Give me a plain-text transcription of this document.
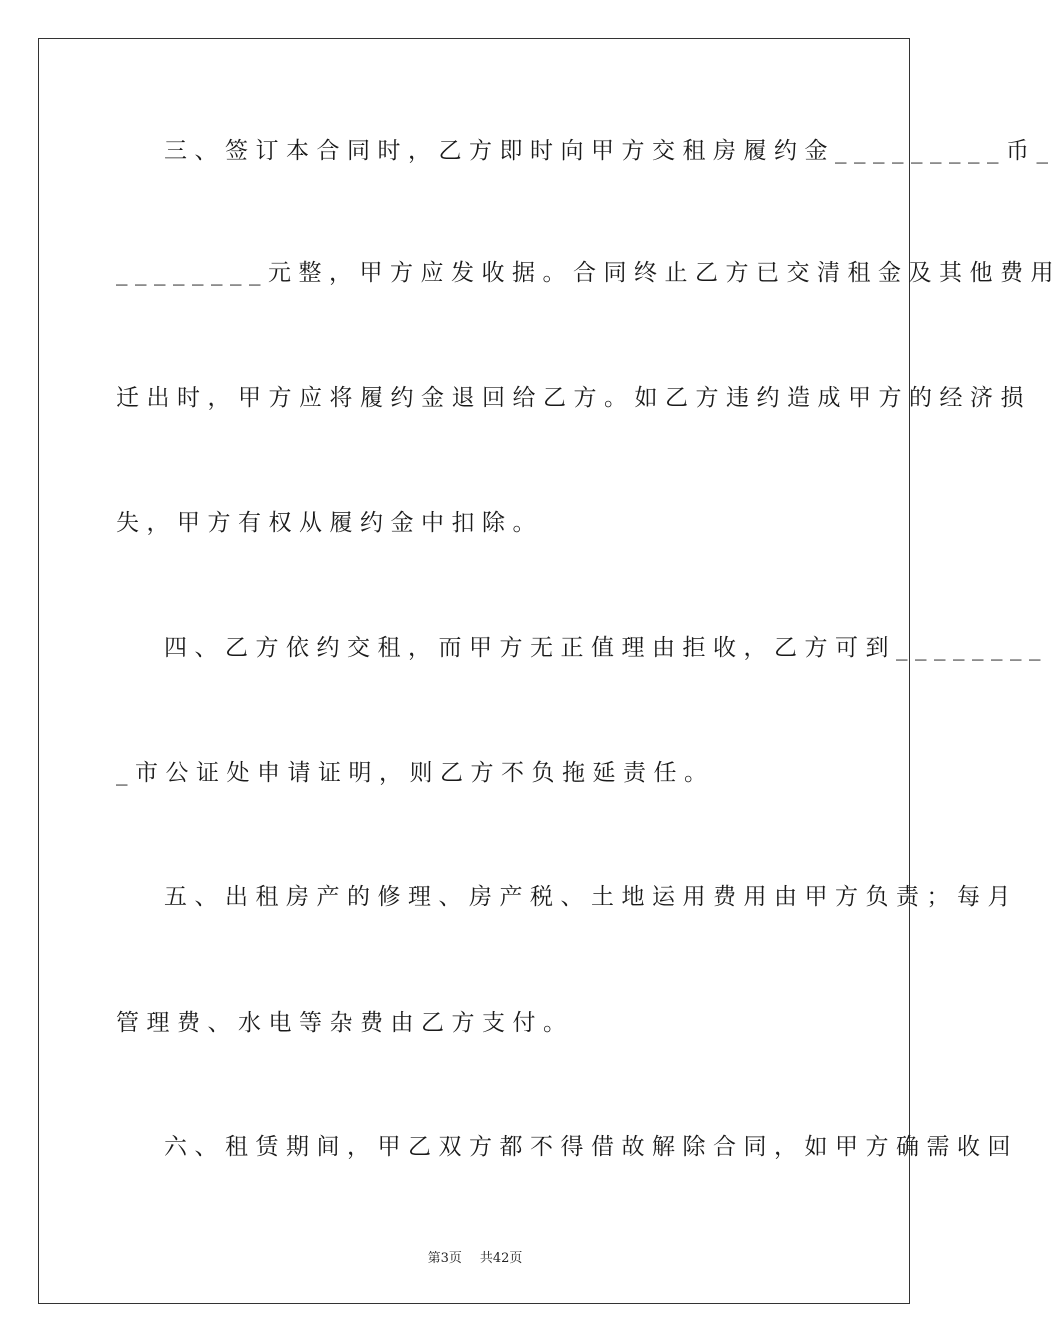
三、签订本合同时，乙方即时向甲方交租房履约金_________币_
________元整，甲方应发收据。合同终止乙方已交清租金及其他费用
迁出时，甲方应将履约金退回给乙方。如乙方违约造成甲方的经济损
失，甲方有权从履约金中扣除。
四、乙方依约交租，而甲方无正值理由拒收，乙方可到________
_市公证处申请证明，则乙方不负拖延责任。
五、出租房产的修理、房产税、土地运用费用由甲方负责；每月
管理费、水电等杂费由乙方支付。
六、租赁期间，甲乙双方都不得借故解除合同，如甲方确需收回
第3页 共42页
